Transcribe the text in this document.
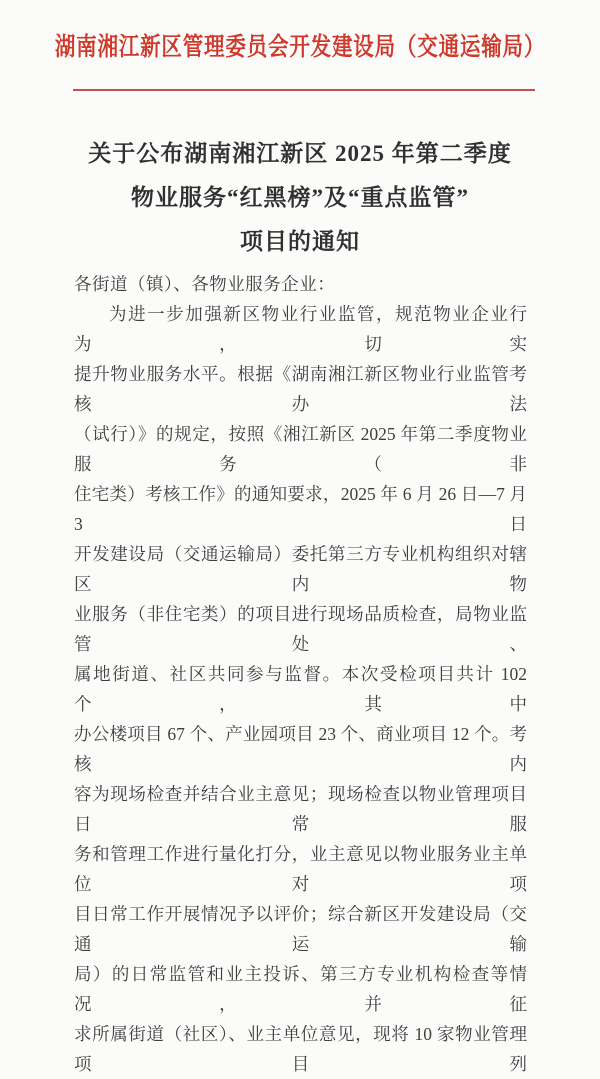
湖南湘江新区管理委员会开发建设局（交通运输局）
关于公布湖南湘江新区 2025 年第二季度
物业服务“红黑榜”及“重点监管”
项目的通知
各街道（镇）、各物业服务企业：
为进一步加强新区物业行业监管，规范物业企业行为，切实
提升物业服务水平。根据《湖南湘江新区物业行业监管考核办法
（试行）》的规定，按照《湘江新区 2025 年第二季度物业服务（非
住宅类）考核工作》的通知要求，2025 年 6 月 26 日—7 月 3 日
开发建设局（交通运输局）委托第三方专业机构组织对辖区内物
业服务（非住宅类）的项目进行现场品质检查，局物业监管处、
属地街道、社区共同参与监督。本次受检项目共计 102 个，其中
办公楼项目 67 个、产业园项目 23 个、商业项目 12 个。考核内
容为现场检查并结合业主意见；现场检查以物业管理项目日常服
务和管理工作进行量化打分，业主意见以物业服务业主单位对项
目日常工作开展情况予以评价；综合新区开发建设局（交通运输
局）的日常监管和业主投诉、第三方专业机构检查等情况，并征
求所属街道（社区）、业主单位意见，现将 10 家物业管理项目列
